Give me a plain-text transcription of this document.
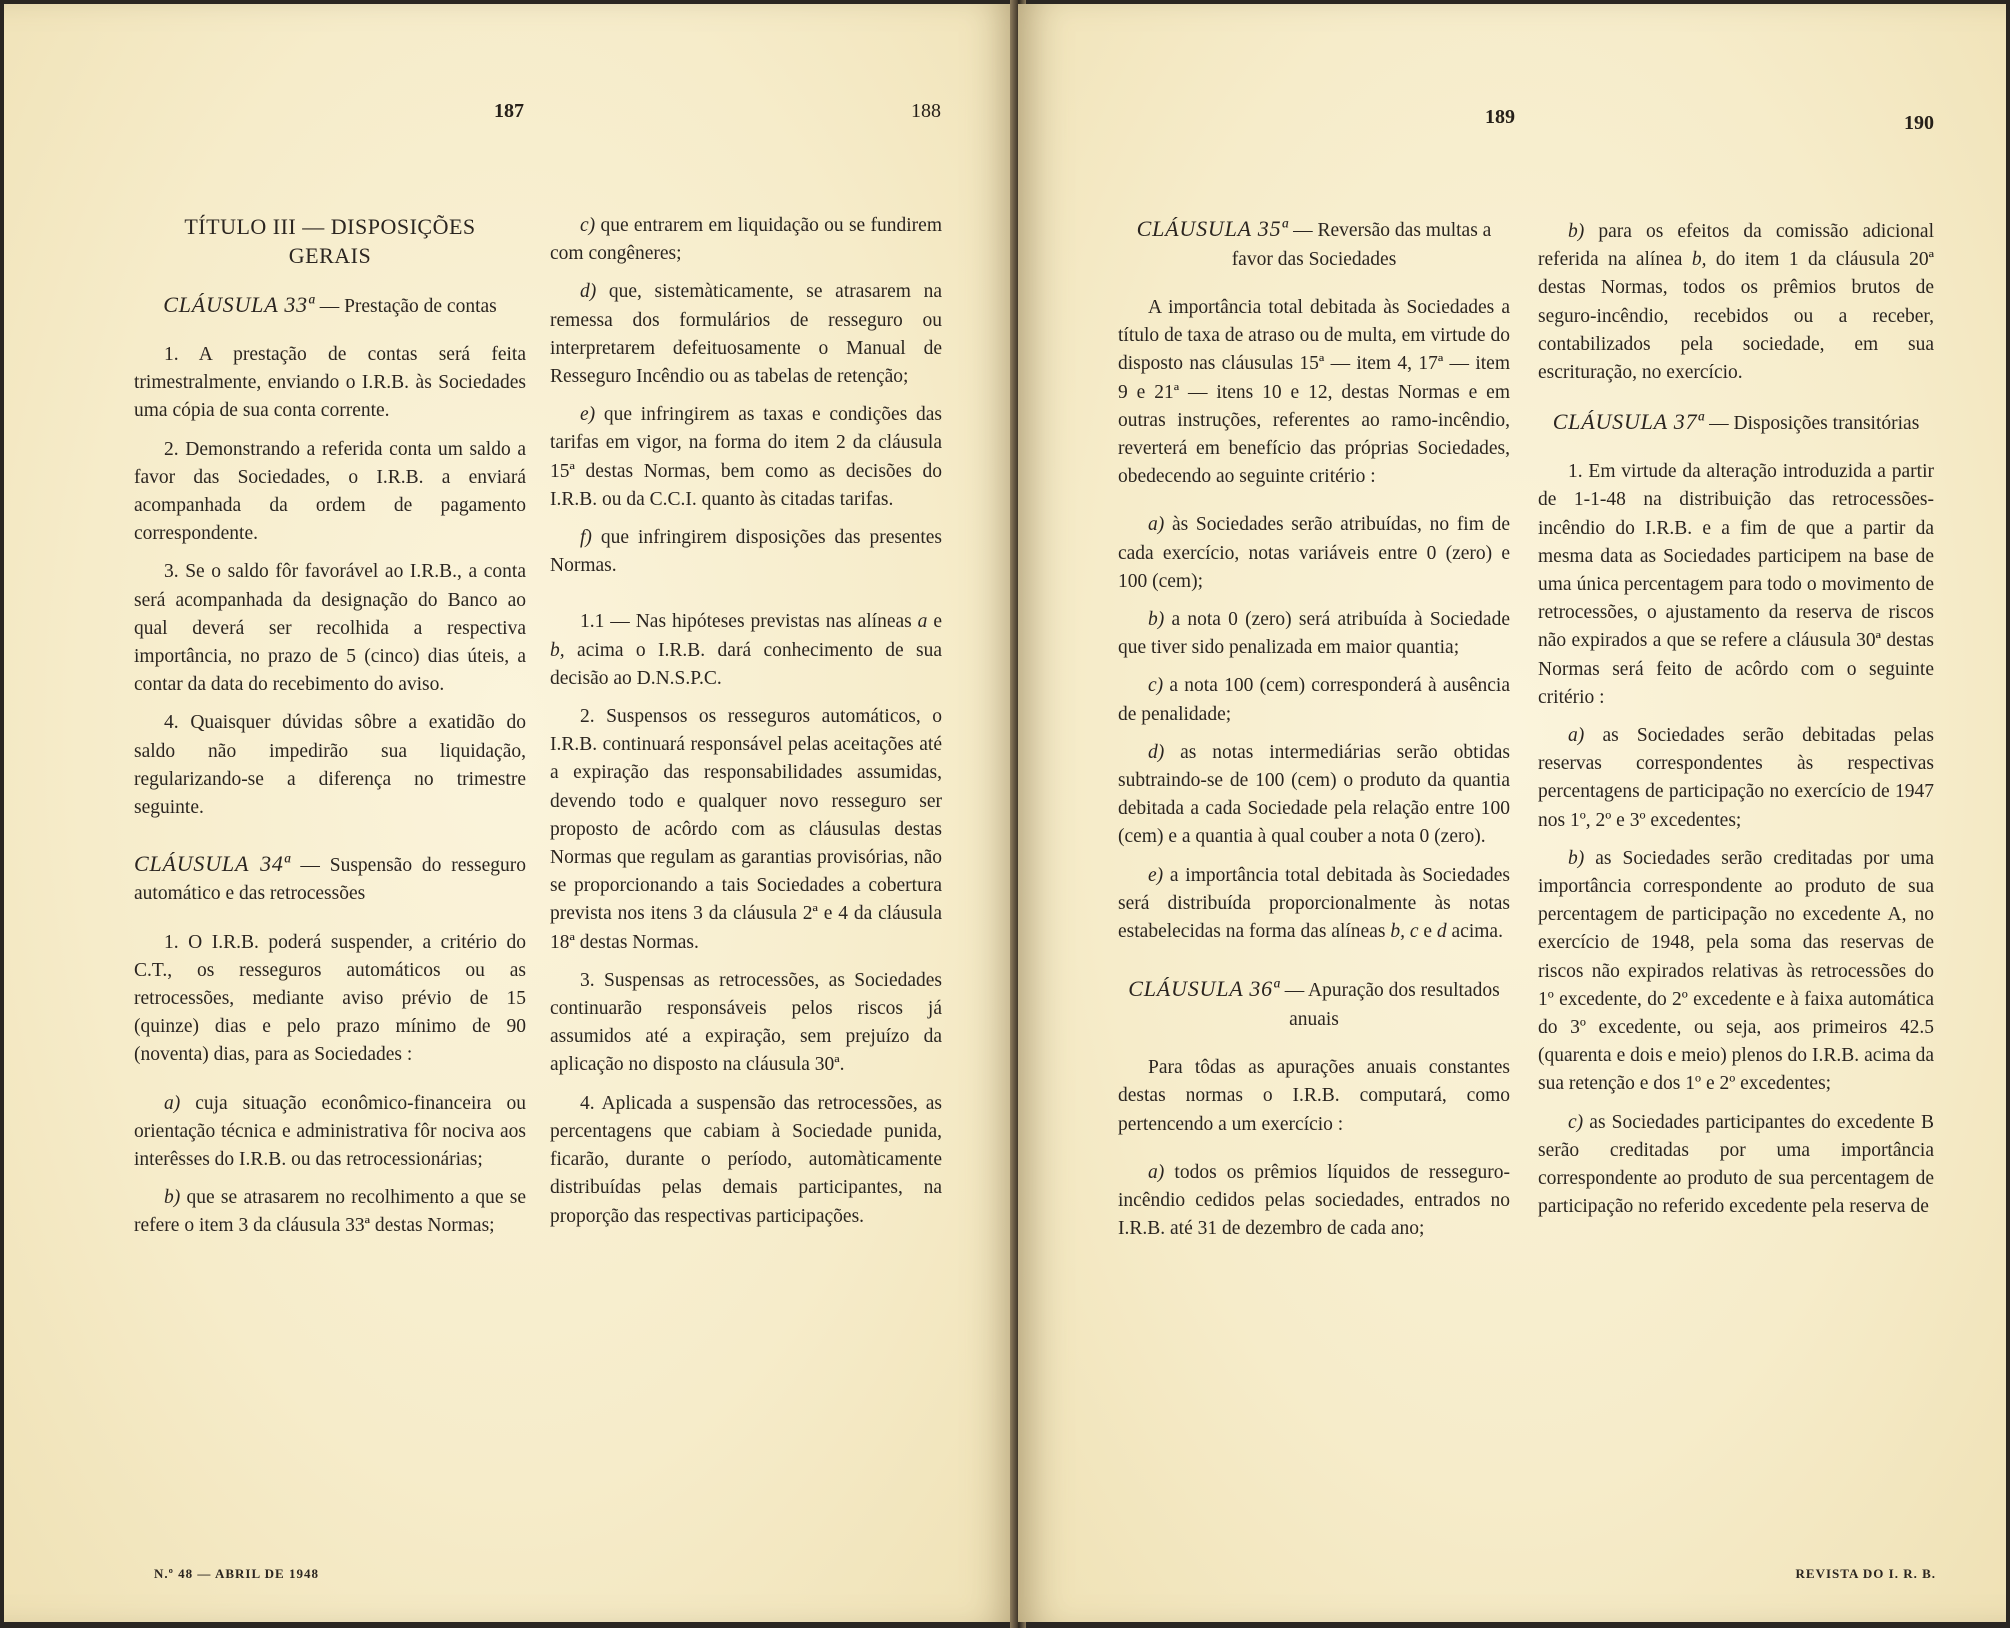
187	188

TÍTULO III — DISPOSIÇÕES GERAIS

CLÁUSULA 33ª — Prestação de contas

1. A prestação de contas será feita trimestralmente, enviando o I.R.B. às Sociedades uma cópia de sua conta corrente.

2. Demonstrando a referida conta um saldo a favor das Sociedades, o I.R.B. a enviará acompanhada da ordem de pagamento correspondente.

3. Se o saldo fôr favorável ao I.R.B., a conta será acompanhada da designação do Banco ao qual deverá ser recolhida a respectiva importância, no prazo de 5 (cinco) dias úteis, a contar da data do recebimento do aviso.

4. Quaisquer dúvidas sôbre a exatidão do saldo não impedirão sua liquidação, regularizando-se a diferença no trimestre seguinte.

CLÁUSULA 34ª — Suspensão do resseguro automático e das retrocessões

1. O I.R.B. poderá suspender, a critério do C.T., os resseguros automáticos ou as retrocessões, mediante aviso prévio de 15 (quinze) dias e pelo prazo mínimo de 90 (noventa) dias, para as Sociedades :

a) cuja situação econômico-financeira ou orientação técnica e administrativa fôr nociva aos interêsses do I.R.B. ou das retrocessionárias;

b) que se atrasarem no recolhimento a que se refere o item 3 da cláusula 33ª destas Normas;

c) que entrarem em liquidação ou se fundirem com congêneres;

d) que, sistemàticamente, se atrasarem na remessa dos formulários de resseguro ou interpretarem defeituosamente o Manual de Resseguro Incêndio ou as tabelas de retenção;

e) que infringirem as taxas e condições das tarifas em vigor, na forma do item 2 da cláusula 15ª destas Normas, bem como as decisões do I.R.B. ou da C.C.I. quanto às citadas tarifas.

f) que infringirem disposições das presentes Normas.

1.1 — Nas hipóteses previstas nas alíneas a e b, acima o I.R.B. dará conhecimento de sua decisão ao D.N.S.P.C.

2. Suspensos os resseguros automáticos, o I.R.B. continuará responsável pelas aceitações até a expiração das responsabilidades assumidas, devendo todo e qualquer novo resseguro ser proposto de acôrdo com as cláusulas destas Normas que regulam as garantias provisórias, não se proporcionando a tais Sociedades a cobertura prevista nos itens 3 da cláusula 2ª e 4 da cláusula 18ª destas Normas.

3. Suspensas as retrocessões, as Sociedades continuarão responsáveis pelos riscos já assumidos até a expiração, sem prejuízo da aplicação no disposto na cláusula 30ª.

4. Aplicada a suspensão das retrocessões, as percentagens que cabiam à Sociedade punida, ficarão, durante o período, automàticamente distribuídas pelas demais participantes, na proporção das respectivas participações.

N.º 48 — ABRIL DE 1948
189	190

CLÁUSULA 35ª — Reversão das multas a favor das Sociedades

A importância total debitada às Sociedades a título de taxa de atraso ou de multa, em virtude do disposto nas cláusulas 15ª — item 4, 17ª — item 9 e 21ª — itens 10 e 12, destas Normas e em outras instruções, referentes ao ramo-incêndio, reverterá em benefício das próprias Sociedades, obedecendo ao seguinte critério :

a) às Sociedades serão atribuídas, no fim de cada exercício, notas variáveis entre 0 (zero) e 100 (cem);

b) a nota 0 (zero) será atribuída à Sociedade que tiver sido penalizada em maior quantia;

c) a nota 100 (cem) corresponderá à ausência de penalidade;

d) as notas intermediárias serão obtidas subtraindo-se de 100 (cem) o produto da quantia debitada a cada Sociedade pela relação entre 100 (cem) e a quantia à qual couber a nota 0 (zero).

e) a importância total debitada às Sociedades será distribuída proporcionalmente às notas estabelecidas na forma das alíneas b, c e d acima.

CLÁUSULA 36ª — Apuração dos resultados anuais

Para tôdas as apurações anuais constantes destas normas o I.R.B. computará, como pertencendo a um exercício :

a) todos os prêmios líquidos de resseguro-incêndio cedidos pelas sociedades, entrados no I.R.B. até 31 de dezembro de cada ano;

b) para os efeitos da comissão adicional referida na alínea b, do item 1 da cláusula 20ª destas Normas, todos os prêmios brutos de seguro-incêndio, recebidos ou a receber, contabilizados pela sociedade, em sua escrituração, no exercício.

CLÁUSULA 37ª — Disposições transitórias

1. Em virtude da alteração introduzida a partir de 1-1-48 na distribuição das retrocessões-incêndio do I.R.B. e a fim de que a partir da mesma data as Sociedades participem na base de uma única percentagem para todo o movimento de retrocessões, o ajustamento da reserva de riscos não expirados a que se refere a cláusula 30ª destas Normas será feito de acôrdo com o seguinte critério :

a) as Sociedades serão debitadas pelas reservas correspondentes às respectivas percentagens de participação no exercício de 1947 nos 1º, 2º e 3º excedentes;

b) as Sociedades serão creditadas por uma importância correspondente ao produto de sua percentagem de participação no excedente A, no exercício de 1948, pela soma das reservas de riscos não expirados relativas às retrocessões do 1º excedente, do 2º excedente e à faixa automática do 3º excedente, ou seja, aos primeiros 42.5 (quarenta e dois e meio) plenos do I.R.B. acima da sua retenção e dos 1º e 2º excedentes;

c) as Sociedades participantes do excedente B serão creditadas por uma importância correspondente ao produto de sua percentagem de participação no referido excedente pela reserva de

REVISTA DO I. R. B.
